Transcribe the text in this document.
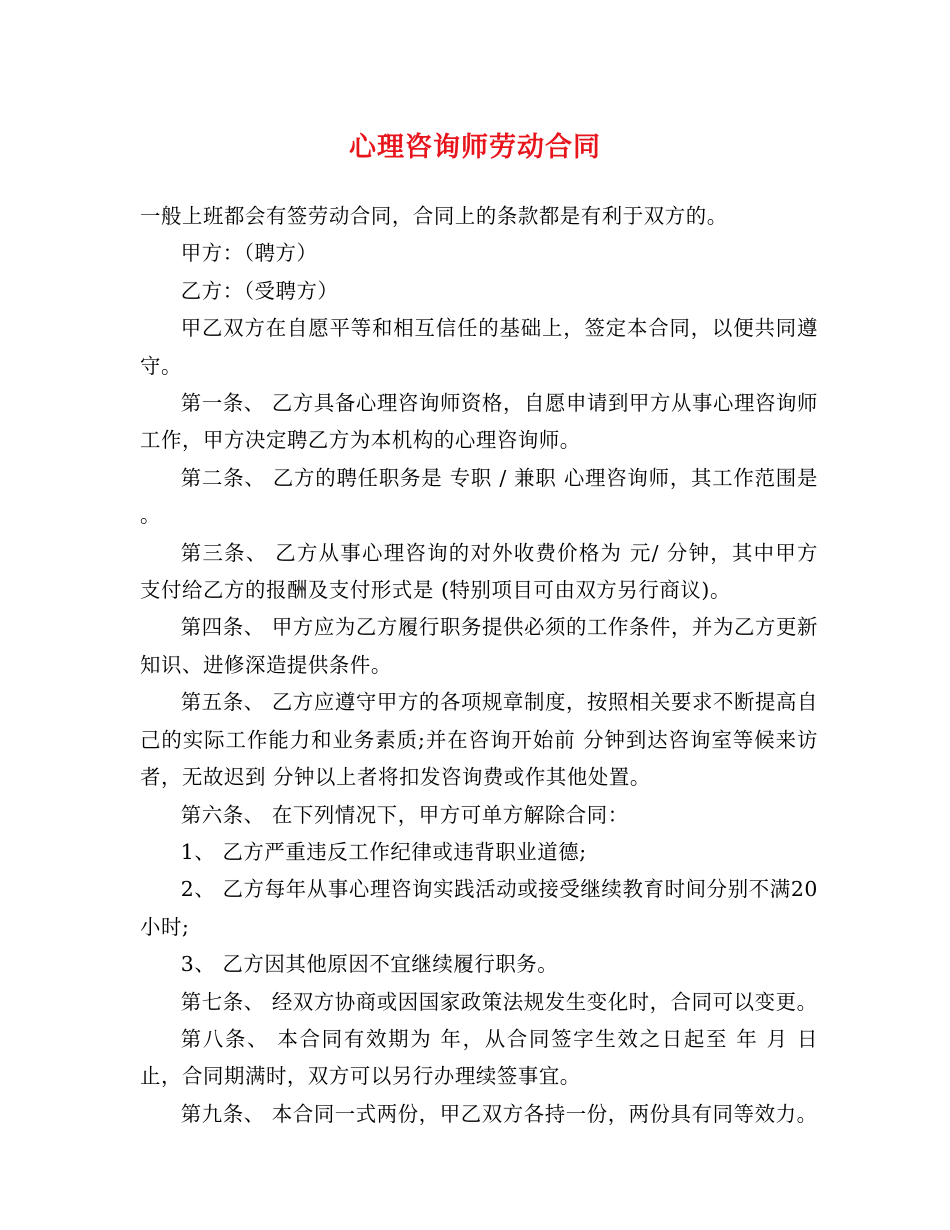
心理咨询师劳动合同

一般上班都会有签劳动合同，合同上的条款都是有利于双方的。

甲方：（聘方）

乙方：（受聘方）

甲乙双方在自愿平等和相互信任的基础上，签定本合同，以便共同遵守。

第一条、 乙方具备心理咨询师资格，自愿申请到甲方从事心理咨询师工作，甲方决定聘乙方为本机构的心理咨询师。

第二条、 乙方的聘任职务是 专职 / 兼职 心理咨询师，其工作范围是 。

第三条、 乙方从事心理咨询的对外收费价格为 元/ 分钟，其中甲方支付给乙方的报酬及支付形式是 (特别项目可由双方另行商议)。

第四条、 甲方应为乙方履行职务提供必须的工作条件，并为乙方更新知识、进修深造提供条件。

第五条、 乙方应遵守甲方的各项规章制度，按照相关要求不断提高自己的实际工作能力和业务素质;并在咨询开始前 分钟到达咨询室等候来访者，无故迟到 分钟以上者将扣发咨询费或作其他处置。

第六条、 在下列情况下，甲方可单方解除合同：

1、 乙方严重违反工作纪律或违背职业道德;

2、 乙方每年从事心理咨询实践活动或接受继续教育时间分别不满20小时;

3、 乙方因其他原因不宜继续履行职务。

第七条、 经双方协商或因国家政策法规发生变化时，合同可以变更。

第八条、 本合同有效期为 年，从合同签字生效之日起至 年 月 日止，合同期满时，双方可以另行办理续签事宜。

第九条、 本合同一式两份，甲乙双方各持一份，两份具有同等效力。
